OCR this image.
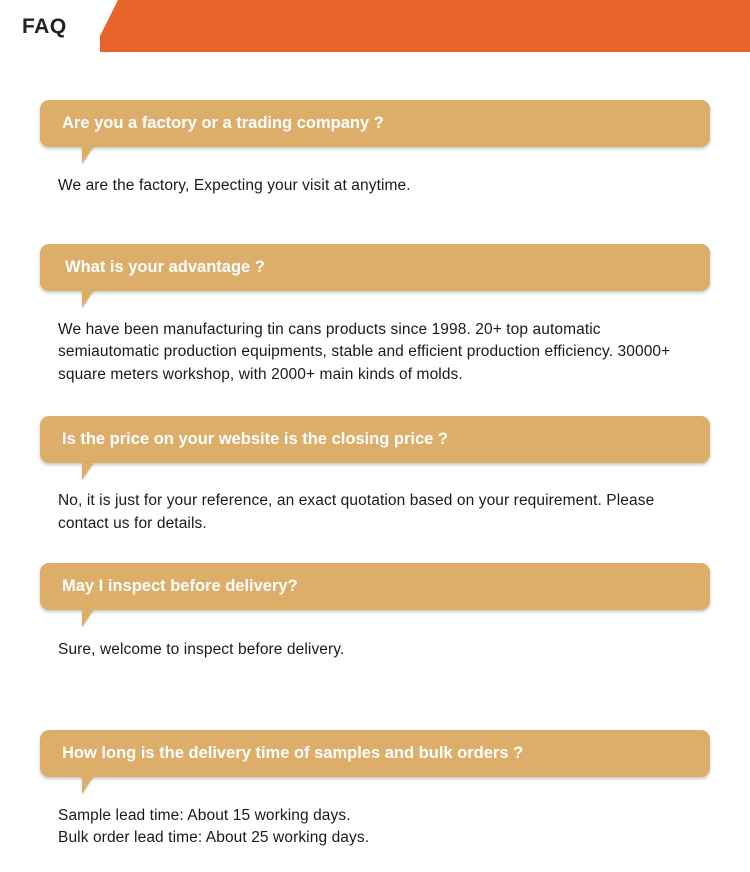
FAQ
Are you a factory or a trading company ?
We are the factory, Expecting your visit at anytime.
What is your advantage ?
We have been manufacturing tin cans products since 1998. 20+ top automatic semiautomatic production equipments, stable and efficient production efficiency. 30000+ square meters workshop, with 2000+ main kinds of molds.
Is the price on your website is the closing price ?
No, it is just for your reference, an exact quotation based on your requirement. Please contact us for details.
May I inspect before delivery?
Sure, welcome to inspect before delivery.
How long is the delivery time of samples and bulk orders ?
Sample lead time: About 15 working days.
Bulk order lead time: About 25 working days.
